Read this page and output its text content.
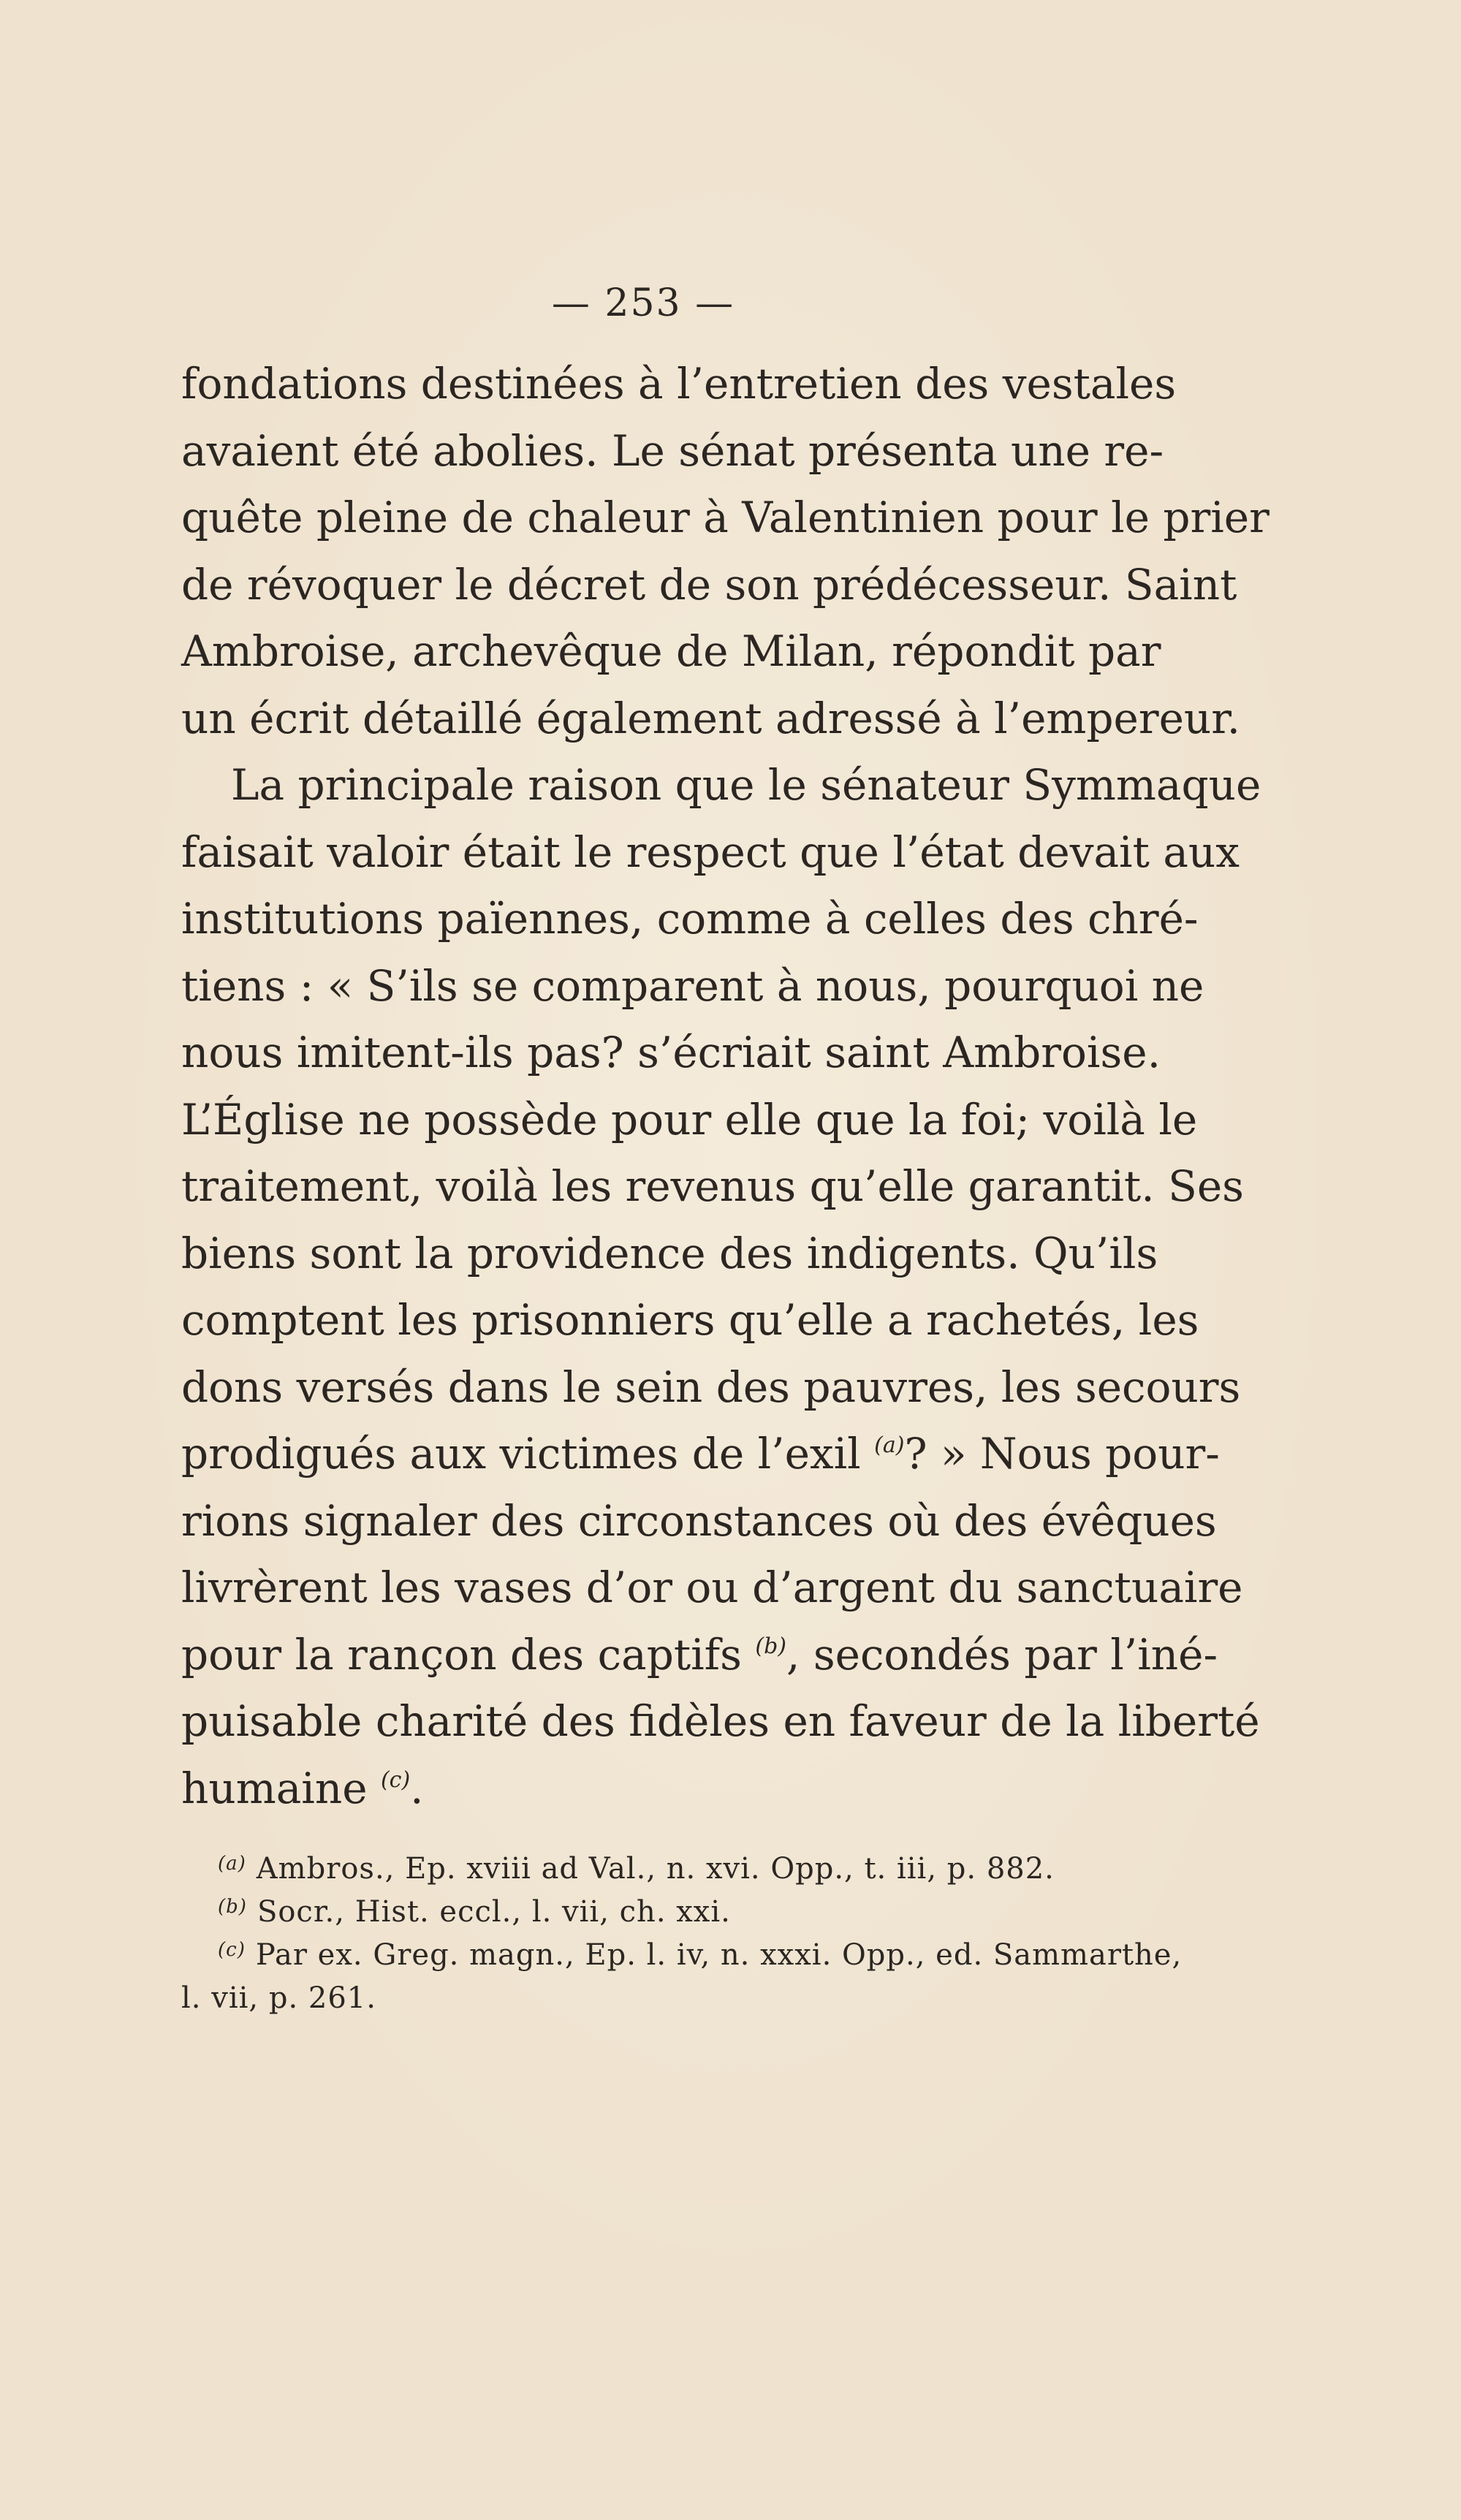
— 253 —
fondations destinées à l’entretien des vestales
avaient été abolies. Le sénat présenta une re-
quête pleine de chaleur à Valentinien pour le prier
de révoquer le décret de son prédécesseur. Saint
Ambroise, archevêque de Milan, répondit par
un écrit détaillé également adressé à l’empereur.
La principale raison que le sénateur Symmaque
faisait valoir était le respect que l’état devait aux
institutions païennes, comme à celles des chré-
tiens : « S’ils se comparent à nous, pourquoi ne
nous imitent-ils pas? s’écriait saint Ambroise.
L’Église ne possède pour elle que la foi; voilà le
traitement, voilà les revenus qu’elle garantit. Ses
biens sont la providence des indigents. Qu’ils
comptent les prisonniers qu’elle a rachetés, les
dons versés dans le sein des pauvres, les secours
prodigués aux victimes de l’exil $^{(a)}$? » Nous pour-
rions signaler des circonstances où des évêques
livrèrent les vases d’or ou d’argent du sanctuaire
pour la rançon des captifs $^{(b)}$, secondés par l’iné-
puisable charité des fidèles en faveur de la liberté
humaine $^{(c)}$.
$^{(a)}$ Ambros., Ep. xviii ad Val., n. xvi. Opp., t. iii, p. 882.
$^{(b)}$ Socr., Hist. eccl., l. vii, ch. xxi.
$^{(c)}$ Par ex. Greg. magn., Ep. l. iv, n. xxxi. Opp., ed. Sammarthe,
l. vii, p. 261.
